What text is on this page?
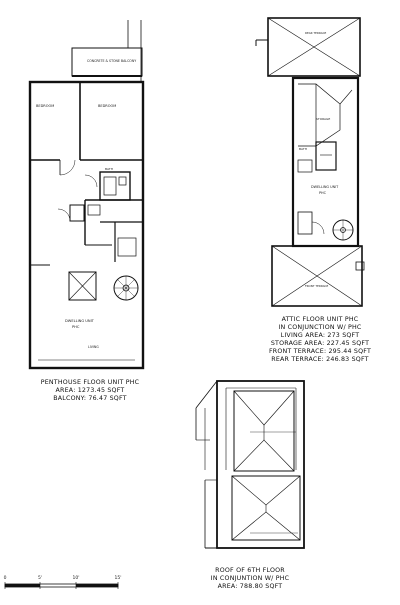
CONCRETE & STONE BALCONY
BEDROOM	BEDROOM
BATH
DWELLING UNIT
PHC
LIVING
REAR TERRACE
STORAGE
BATH
DWELLING UNIT
PHC
FRONT TERRACE
0	5'	10'	15'
PENTHOUSE FLOOR UNIT PHC
AREA: 1273.45 SQFT
BALCONY: 76.47 SQFT
ATTIC FLOOR UNIT PHC
IN CONJUNCTION W/ PHC
LIVING AREA: 273 SQFT
STORAGE AREA: 227.45 SQFT
FRONT TERRACE: 295.44 SQFT
REAR TERRACE: 246.83 SQFT
ROOF OF 6TH FLOOR
IN CONJUNTION W/ PHC
AREA: 788.80 SQFT
